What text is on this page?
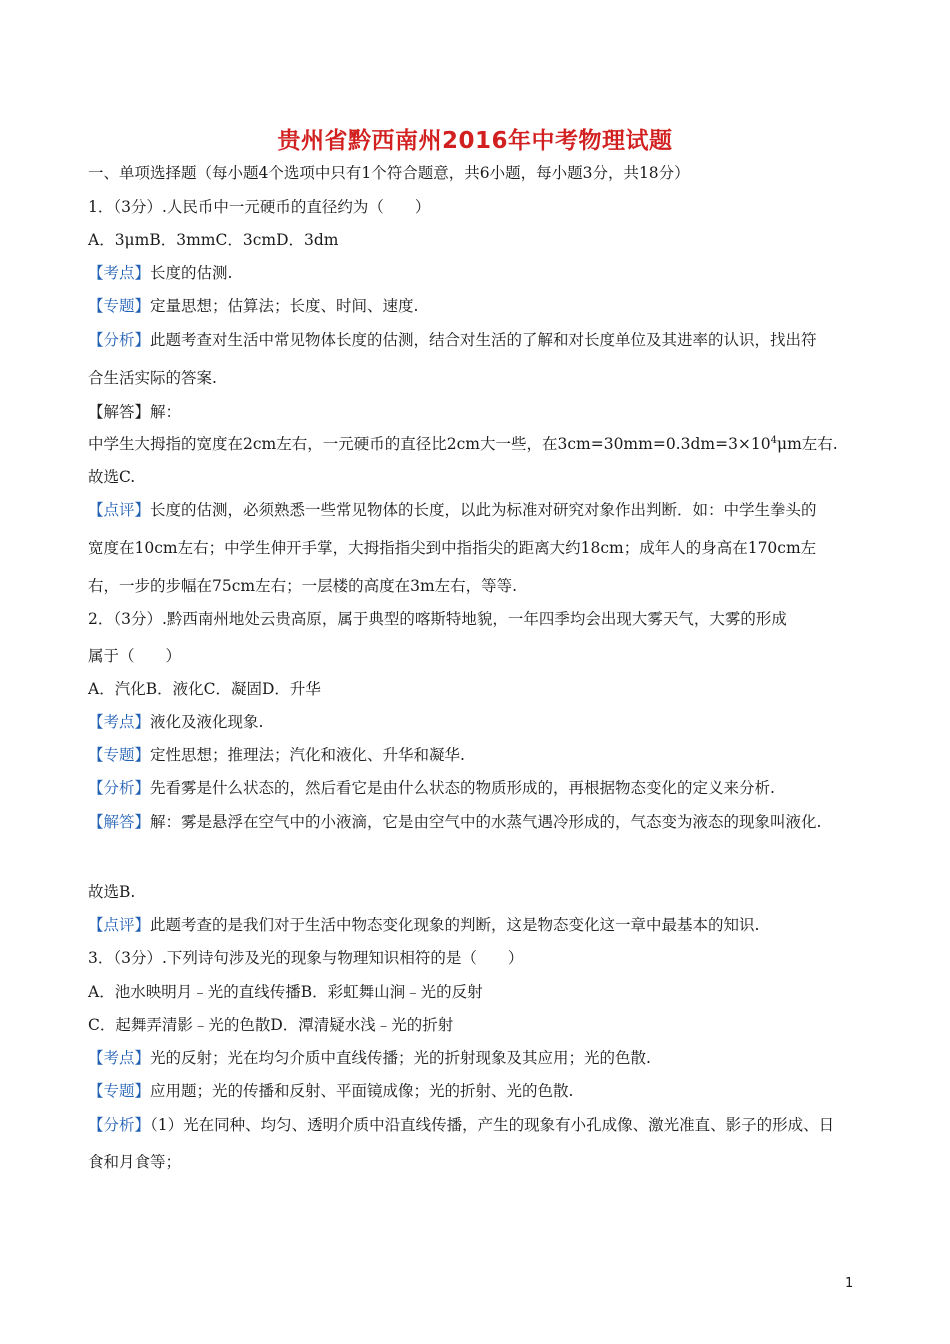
贵州省黔西南州2016年中考物理试题
一、单项选择题（每小题4个选项中只有1个符合题意，共6小题，每小题3分，共18分）
1．（3分）.人民币中一元硬币的直径约为（　　）
A．3μmB．3mmC．3cmD．3dm
【考点】长度的估测.
【专题】定量思想；估算法；长度、时间、速度.
【分析】此题考查对生活中常见物体长度的估测，结合对生活的了解和对长度单位及其进率的认识，找出符
合生活实际的答案.
【解答】解：
中学生大拇指的宽度在2cm左右，一元硬币的直径比2cm大一些，在$3cm=30mm=0.3dm=3\times 10^4\mu m$左右.
故选C.
【点评】长度的估测，必须熟悉一些常见物体的长度，以此为标准对研究对象作出判断．如：中学生拳头的
宽度在10cm左右；中学生伸开手掌，大拇指指尖到中指指尖的距离大约18cm；成年人的身高在170cm左
右，一步的步幅在75cm左右；一层楼的高度在3m左右，等等.
2．（3分）.黔西南州地处云贵高原，属于典型的喀斯特地貌，一年四季均会出现大雾天气，大雾的形成
属于（　　）
A．汽化B．液化C．凝固D．升华
【考点】液化及液化现象.
【专题】定性思想；推理法；汽化和液化、升华和凝华.
【分析】先看雾是什么状态的，然后看它是由什么状态的物质形成的，再根据物态变化的定义来分析.
【解答】解：雾是悬浮在空气中的小液滴，它是由空气中的水蒸气遇冷形成的，气态变为液态的现象叫液化.
故选B.
【点评】此题考查的是我们对于生活中物态变化现象的判断，这是物态变化这一章中最基本的知识.
3．（3分）.下列诗句涉及光的现象与物理知识相符的是（　　）
A．池水映明月﹣光的直线传播B．彩虹舞山涧﹣光的反射
C．起舞弄清影﹣光的色散D．潭清疑水浅﹣光的折射
【考点】光的反射；光在均匀介质中直线传播；光的折射现象及其应用；光的色散.
【专题】应用题；光的传播和反射、平面镜成像；光的折射、光的色散.
【分析】（1）光在同种、均匀、透明介质中沿直线传播，产生的现象有小孔成像、激光准直、影子的形成、日
食和月食等；
1
